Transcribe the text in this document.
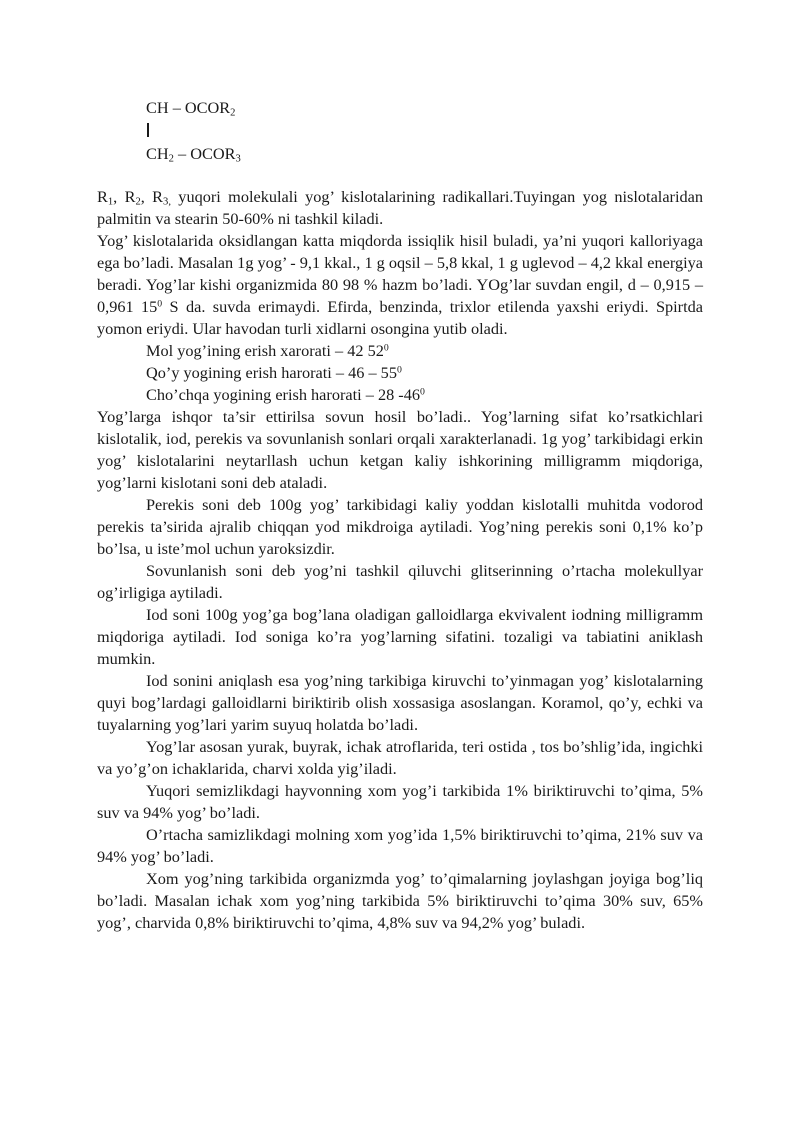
CH – $OCOR_2$
$CH_2$ – $OCOR_3$

$R_1$, $R_2$, $R_{3,}$ yuqori molekulali yog’ kislotalarining radikallari.Tuyingan yog nislotalaridan palmitin va stearin 50-60% ni tashkil kiladi.

Yog’ kislotalarida oksidlangan katta miqdorda issiqlik hisil buladi, ya’ni yuqori kalloriyaga ega bo’ladi. Masalan 1g yog’ - 9,1 kkal., 1 g oqsil – 5,8 kkal, 1 g uglevod – 4,2 kkal energiya beradi. Yog’lar kishi organizmida 80 98 % hazm bo’ladi. YOg’lar suvdan engil, d – 0,915 – 0,961 $15^0$ S da. suvda erimaydi. Efirda, benzinda, trixlor etilenda yaxshi eriydi. Spirtda yomon eriydi. Ular havodan turli xidlarni osongina yutib oladi.

Mol yog’ining erish xarorati – 42 $52^0$

Qo’y yogining erish harorati – $46 - 55^0$

Cho’chqa yogining erish harorati – 28 $-46^0$

Yog’larga ishqor ta’sir ettirilsa sovun hosil bo’ladi.. Yog’larning sifat ko’rsatkichlari kislotalik, iod, perekis va sovunlanish sonlari orqali xarakterlanadi. 1g yog’ tarkibidagi erkin yog’ kislotalarini neytarllash uchun ketgan kaliy ishkorining milligramm miqdoriga, yog’larni kislotani soni deb ataladi.

Perekis soni deb 100g yog’ tarkibidagi kaliy yoddan kislotalli muhitda vodorod perekis ta’sirida ajralib chiqqan yod mikdroiga aytiladi. Yog’ning perekis soni 0,1% ko’p bo’lsa, u iste’mol uchun yaroksizdir.

Sovunlanish soni deb yog’ni tashkil qiluvchi glitserinning o’rtacha molekullyar og’irligiga aytiladi.

Iod soni 100g yog’ga bog’lana oladigan galloidlarga ekvivalent iodning milligramm miqdoriga aytiladi. Iod soniga ko’ra yog’larning sifatini. tozaligi va tabiatini aniklash mumkin.

Iod sonini aniqlash esa yog’ning tarkibiga kiruvchi to’yinmagan yog’ kislotalarning quyi bog’lardagi galloidlarni biriktirib olish xossasiga asoslangan. Koramol, qo’y, echki va tuyalarning yog’lari yarim suyuq holatda bo’ladi.

Yog’lar asosan yurak, buyrak, ichak atroflarida, teri ostida , tos bo’shlig’ida, ingichki va yo’g’on ichaklarida, charvi xolda yig’iladi.

Yuqori semizlikdagi hayvonning xom yog’i tarkibida 1% biriktiruvchi to’qima, 5% suv va 94% yog’ bo’ladi.

O’rtacha samizlikdagi molning xom yog’ida 1,5% biriktiruvchi to’qima, 21% suv va 94% yog’ bo’ladi.

Xom yog’ning tarkibida organizmda yog’ to’qimalarning joylashgan joyiga bog’liq bo’ladi. Masalan ichak xom yog’ning tarkibida 5% biriktiruvchi to’qima 30% suv, 65% yog’, charvida 0,8% biriktiruvchi to’qima, 4,8% suv va 94,2% yog’ buladi.
